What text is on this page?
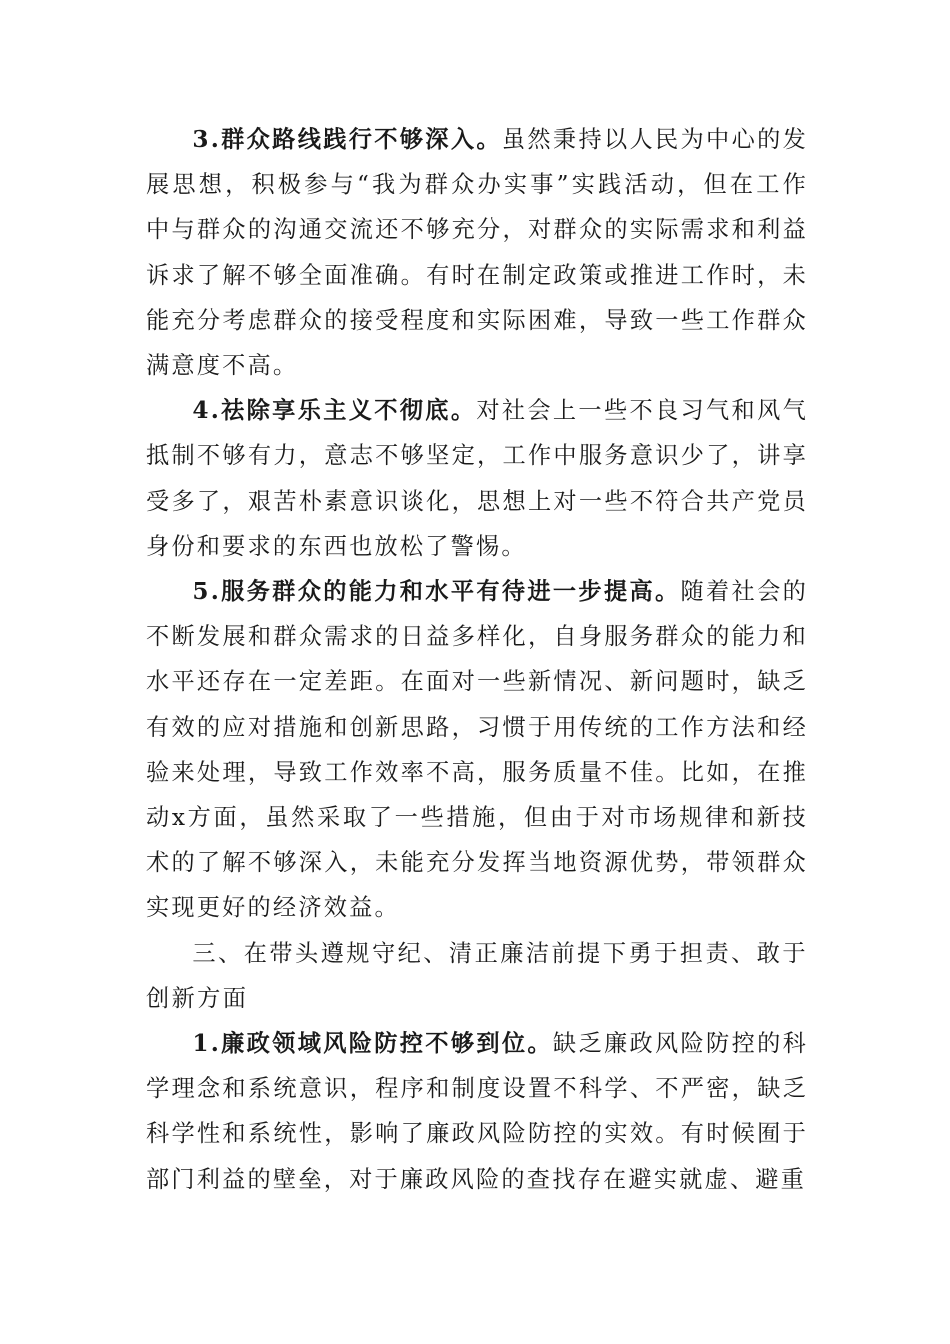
3.群众路线践行不够深入。虽然秉持以人民为中心的发展思想，积极参与“我为群众办实事”实践活动，但在工作中与群众的沟通交流还不够充分，对群众的实际需求和利益诉求了解不够全面准确。有时在制定政策或推进工作时，未能充分考虑群众的接受程度和实际困难，导致一些工作群众满意度不高。

4.祛除享乐主义不彻底。对社会上一些不良习气和风气抵制不够有力，意志不够坚定，工作中服务意识少了，讲享受多了，艰苦朴素意识谈化，思想上对一些不符合共产党员身份和要求的东西也放松了警惕。

5.服务群众的能力和水平有待进一步提高。随着社会的不断发展和群众需求的日益多样化，自身服务群众的能力和水平还存在一定差距。在面对一些新情况、新问题时，缺乏有效的应对措施和创新思路，习惯于用传统的工作方法和经验来处理，导致工作效率不高，服务质量不佳。比如，在推动x方面，虽然采取了一些措施，但由于对市场规律和新技术的了解不够深入，未能充分发挥当地资源优势，带领群众实现更好的经济效益。

三、在带头遵规守纪、清正廉洁前提下勇于担责、敢于创新方面

1.廉政领域风险防控不够到位。缺乏廉政风险防控的科学理念和系统意识，程序和制度设置不科学、不严密，缺乏科学性和系统性，影响了廉政风险防控的实效。有时候囿于部门利益的壁垒，对于廉政风险的查找存在避实就虚、避重
